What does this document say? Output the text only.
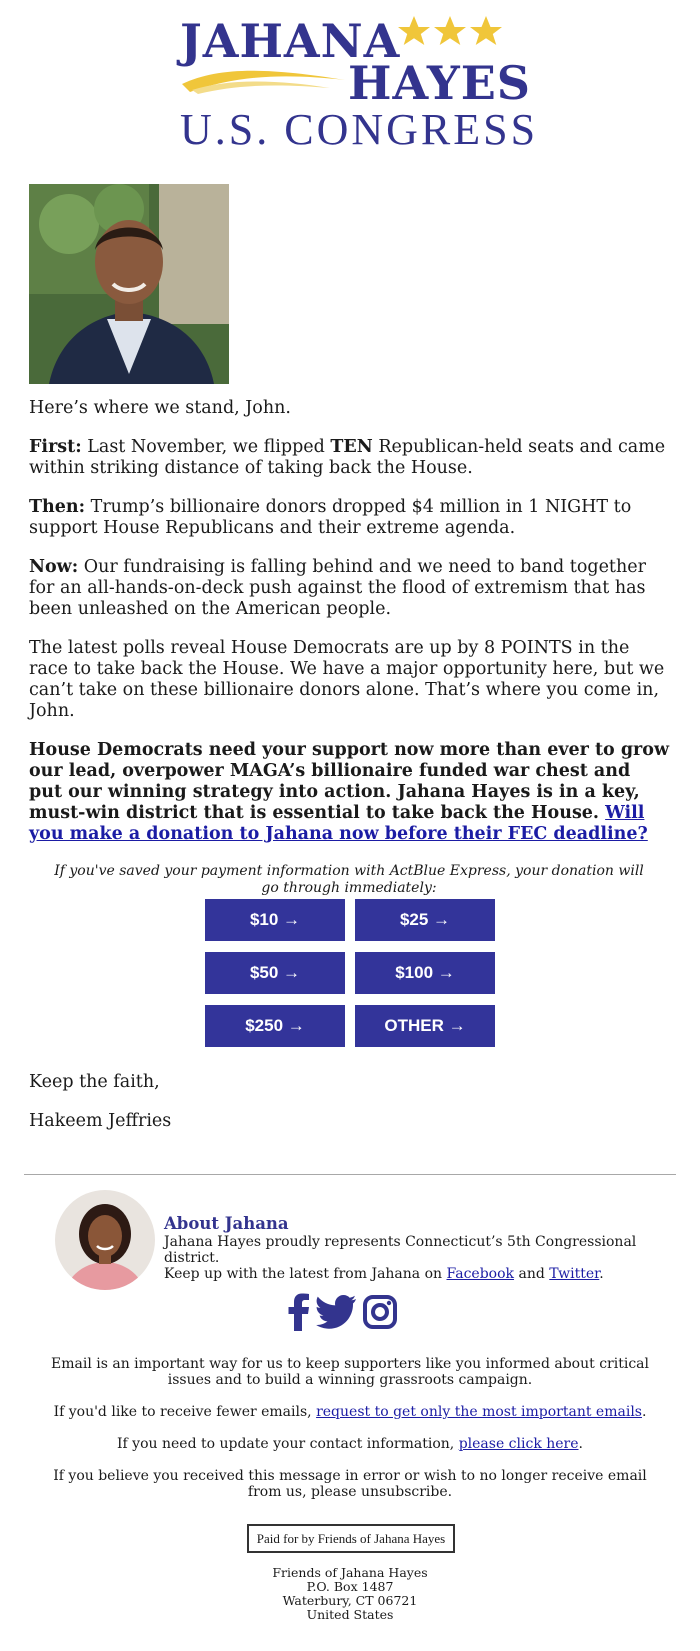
JAHANA
HAYES
U.S. CONGRESS

Here’s where we stand, John.

First: Last November, we flipped TEN Republican-held seats and came within striking distance of taking back the House.

Then: Trump’s billionaire donors dropped $4 million in 1 NIGHT to support House Republicans and their extreme agenda.

Now: Our fundraising is falling behind and we need to band together for an all-hands-on-deck push against the flood of extremism that has been unleashed on the American people.

The latest polls reveal House Democrats are up by 8 POINTS in the race to take back the House. We have a major opportunity here, but we can’t take on these billionaire donors alone. That’s where you come in, John.

House Democrats need your support now more than ever to grow our lead, overpower MAGA’s billionaire funded war chest and put our winning strategy into action. Jahana Hayes is in a key, must-win district that is essential to take back the House. Will you make a donation to Jahana now before their FEC deadline?

If you've saved your payment information with ActBlue Express, your donation will go through immediately:

$10 →	$25 →
$50 →	$100 →
$250 →	OTHER →

Keep the faith,

Hakeem Jeffries

About Jahana
Jahana Hayes proudly represents Connecticut’s 5th Congressional district.
Keep up with the latest from Jahana on Facebook and Twitter.

Email is an important way for us to keep supporters like you informed about critical issues and to build a winning grassroots campaign.

If you'd like to receive fewer emails, request to get only the most important emails.

If you need to update your contact information, please click here.

If you believe you received this message in error or wish to no longer receive email from us, please unsubscribe.

Paid for by Friends of Jahana Hayes
Friends of Jahana Hayes
P.O. Box 1487
Waterbury, CT 06721
United States
